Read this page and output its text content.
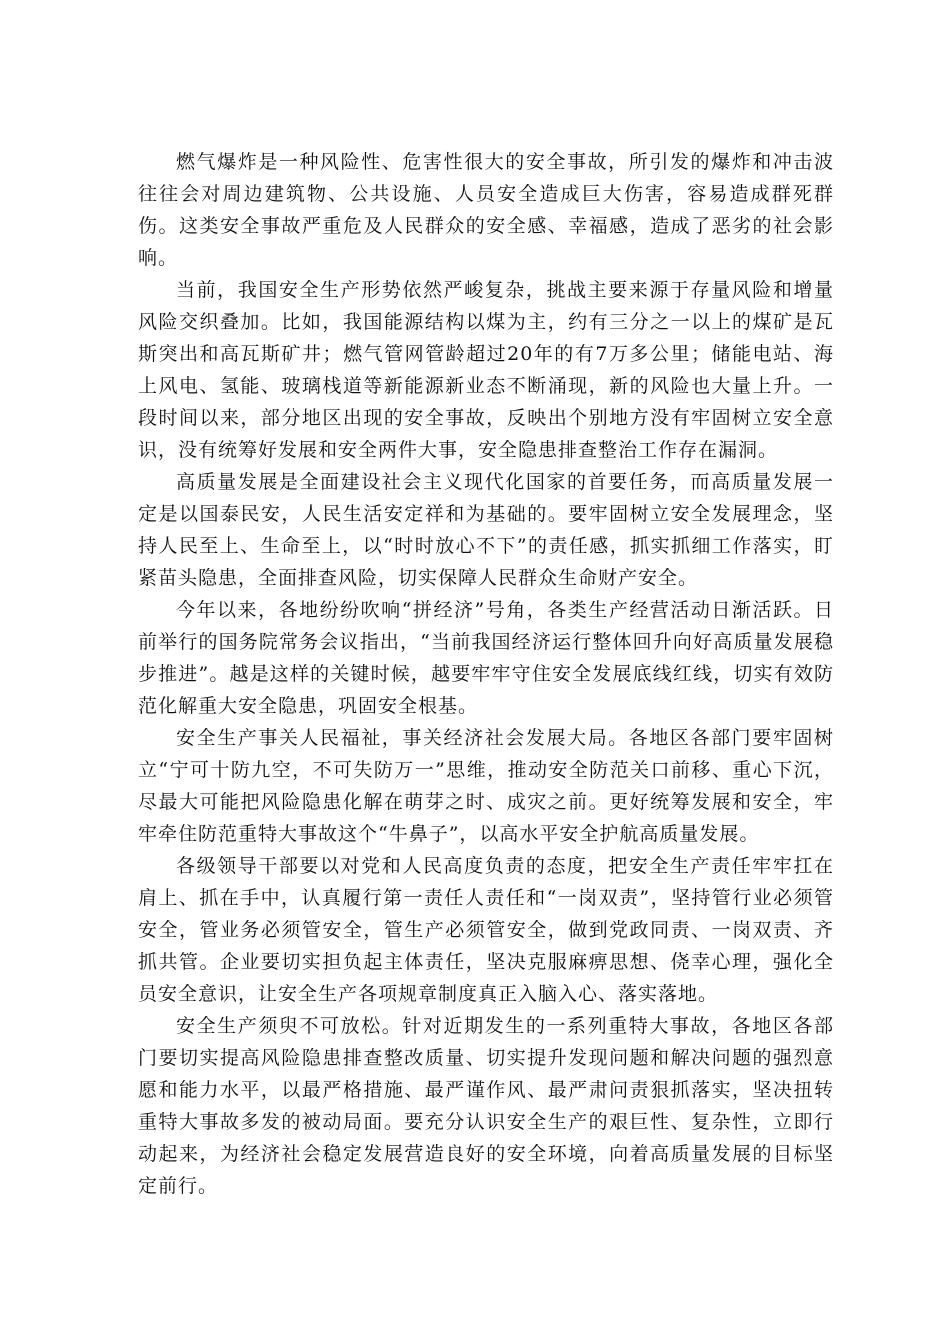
燃气爆炸是一种风险性、危害性很大的安全事故，所引发的爆炸和冲击波往往会对周边建筑物、公共设施、人员安全造成巨大伤害，容易造成群死群伤。这类安全事故严重危及人民群众的安全感、幸福感，造成了恶劣的社会影响。

当前，我国安全生产形势依然严峻复杂，挑战主要来源于存量风险和增量风险交织叠加。比如，我国能源结构以煤为主，约有三分之一以上的煤矿是瓦斯突出和高瓦斯矿井；燃气管网管龄超过20年的有7万多公里；储能电站、海上风电、氢能、玻璃栈道等新能源新业态不断涌现，新的风险也大量上升。一段时间以来，部分地区出现的安全事故，反映出个别地方没有牢固树立安全意识，没有统筹好发展和安全两件大事，安全隐患排查整治工作存在漏洞。

高质量发展是全面建设社会主义现代化国家的首要任务，而高质量发展一定是以国泰民安，人民生活安定祥和为基础的。要牢固树立安全发展理念，坚持人民至上、生命至上，以“时时放心不下”的责任感，抓实抓细工作落实，盯紧苗头隐患，全面排查风险，切实保障人民群众生命财产安全。

今年以来，各地纷纷吹响“拼经济”号角，各类生产经营活动日渐活跃。日前举行的国务院常务会议指出，“当前我国经济运行整体回升向好高质量发展稳步推进”。越是这样的关键时候，越要牢牢守住安全发展底线红线，切实有效防范化解重大安全隐患，巩固安全根基。

安全生产事关人民福祉，事关经济社会发展大局。各地区各部门要牢固树立“宁可十防九空，不可失防万一”思维，推动安全防范关口前移、重心下沉，尽最大可能把风险隐患化解在萌芽之时、成灾之前。更好统筹发展和安全，牢牢牵住防范重特大事故这个“牛鼻子”，以高水平安全护航高质量发展。

各级领导干部要以对党和人民高度负责的态度，把安全生产责任牢牢扛在肩上、抓在手中，认真履行第一责任人责任和“一岗双责”，坚持管行业必须管安全，管业务必须管安全，管生产必须管安全，做到党政同责、一岗双责、齐抓共管。企业要切实担负起主体责任，坚决克服麻痹思想、侥幸心理，强化全员安全意识，让安全生产各项规章制度真正入脑入心、落实落地。

安全生产须臾不可放松。针对近期发生的一系列重特大事故，各地区各部门要切实提高风险隐患排查整改质量、切实提升发现问题和解决问题的强烈意愿和能力水平，以最严格措施、最严谨作风、最严肃问责狠抓落实，坚决扭转重特大事故多发的被动局面。要充分认识安全生产的艰巨性、复杂性，立即行动起来，为经济社会稳定发展营造良好的安全环境，向着高质量发展的目标坚定前行。
